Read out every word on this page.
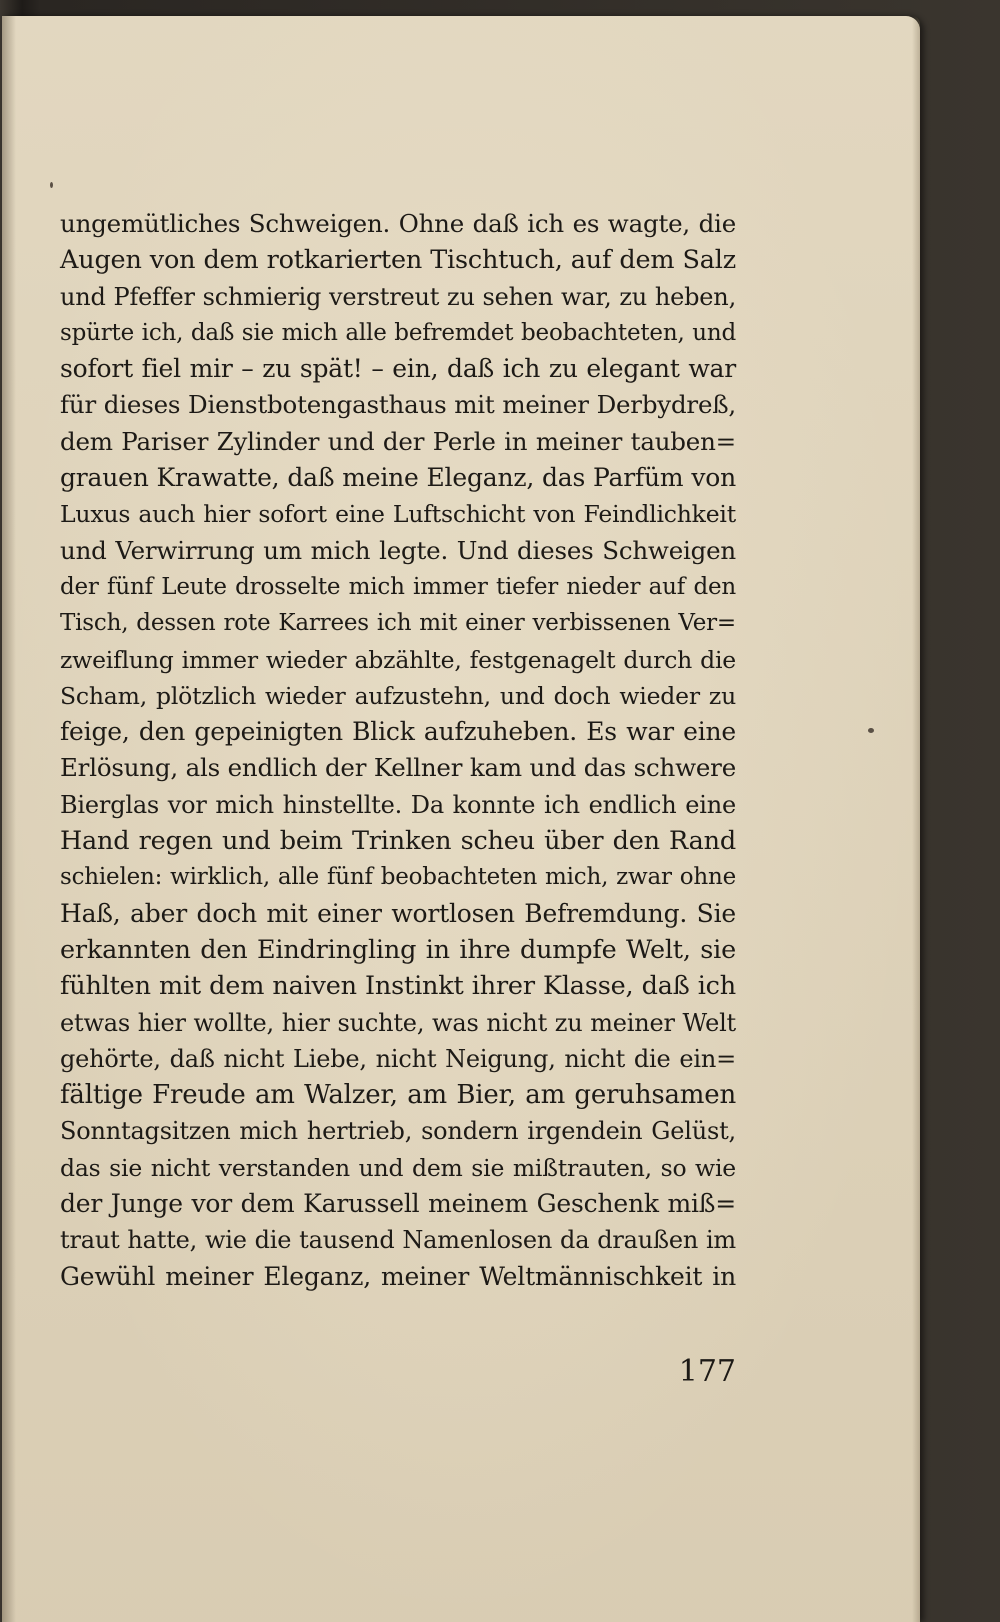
ungemütliches Schweigen. Ohne daß ich es wagte, die
Augen von dem rotkarierten Tischtuch, auf dem Salz
und Pfeffer schmierig verstreut zu sehen war, zu heben,
spürte ich, daß sie mich alle befremdet beobachteten, und
sofort fiel mir – zu spät! – ein, daß ich zu elegant war
für dieses Dienstbotengasthaus mit meiner Derbydreß,
dem Pariser Zylinder und der Perle in meiner tauben=
grauen Krawatte, daß meine Eleganz, das Parfüm von
Luxus auch hier sofort eine Luftschicht von Feindlichkeit
und Verwirrung um mich legte. Und dieses Schweigen
der fünf Leute drosselte mich immer tiefer nieder auf den
Tisch, dessen rote Karrees ich mit einer verbissenen Ver=
zweiflung immer wieder abzählte, festgenagelt durch die
Scham, plötzlich wieder aufzustehn, und doch wieder zu
feige, den gepeinigten Blick aufzuheben. Es war eine
Erlösung, als endlich der Kellner kam und das schwere
Bierglas vor mich hinstellte. Da konnte ich endlich eine
Hand regen und beim Trinken scheu über den Rand
schielen: wirklich, alle fünf beobachteten mich, zwar ohne
Haß, aber doch mit einer wortlosen Befremdung. Sie
erkannten den Eindringling in ihre dumpfe Welt, sie
fühlten mit dem naiven Instinkt ihrer Klasse, daß ich
etwas hier wollte, hier suchte, was nicht zu meiner Welt
gehörte, daß nicht Liebe, nicht Neigung, nicht die ein=
fältige Freude am Walzer, am Bier, am geruhsamen
Sonntagsitzen mich hertrieb, sondern irgendein Gelüst,
das sie nicht verstanden und dem sie mißtrauten, so wie
der Junge vor dem Karussell meinem Geschenk miß=
traut hatte, wie die tausend Namenlosen da draußen im
Gewühl meiner Eleganz, meiner Weltmännischkeit in
177
